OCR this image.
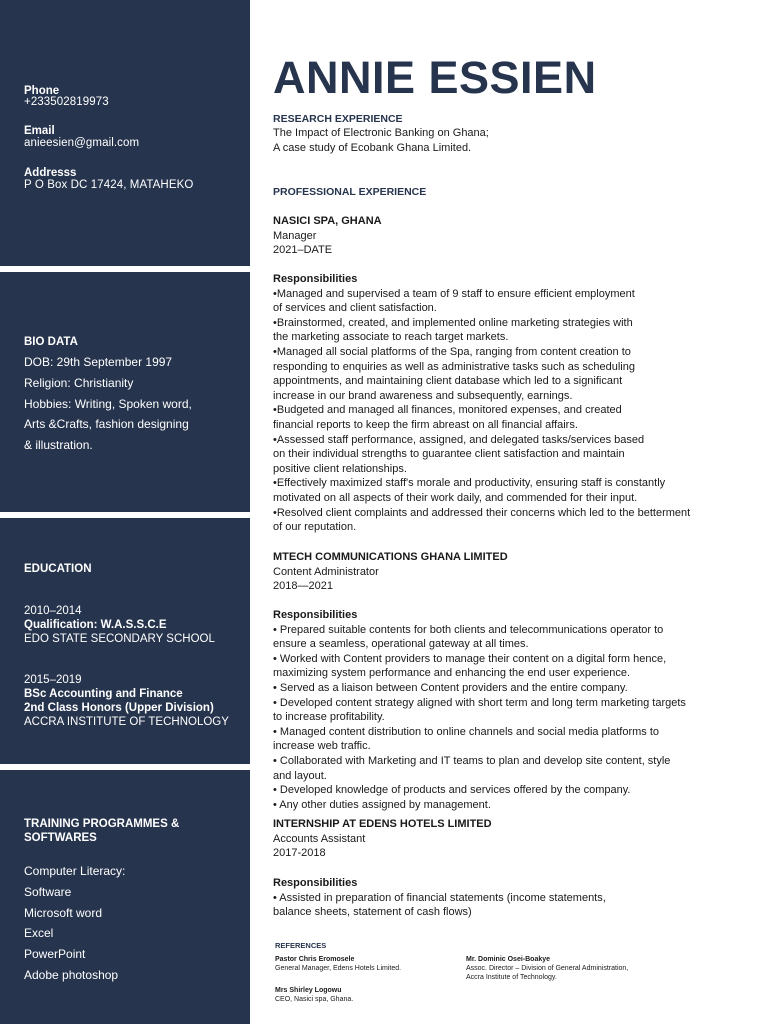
Phone
+233502819973
Email
anieesien@gmail.com
Addresss
P O Box DC 17424, MATAHEKO
BIO DATA
DOB: 29th September 1997
Religion: Christianity
Hobbies: Writing, Spoken word,
Arts &Crafts, fashion designing
& illustration.
EDUCATION
2010–2014
Qualification: W.A.S.S.C.E
EDO STATE SECONDARY SCHOOL
2015–2019
BSc Accounting and Finance
2nd Class Honors (Upper Division)
ACCRA INSTITUTE OF TECHNOLOGY
TRAINING PROGRAMMES &
SOFTWARES
Computer Literacy:
Software
Microsoft word
Excel
PowerPoint
Adobe photoshop
ANNIE ESSIEN
RESEARCH EXPERIENCE
The Impact of Electronic Banking on Ghana;
A case study of Ecobank Ghana Limited.
PROFESSIONAL EXPERIENCE
NASICI SPA, GHANA
Manager
2021–DATE
Responsibilities
•Managed and supervised a team of 9 staff to ensure efficient employment
of services and client satisfaction.
•Brainstormed, created, and implemented online marketing strategies with
the marketing associate to reach target markets.
•Managed all social platforms of the Spa, ranging from content creation to
responding to enquiries as well as administrative tasks such as scheduling
appointments, and maintaining client database which led to a significant
increase in our brand awareness and subsequently, earnings.
•Budgeted and managed all finances, monitored expenses, and created
financial reports to keep the firm abreast on all financial affairs.
•Assessed staff performance, assigned, and delegated tasks/services based
on their individual strengths to guarantee client satisfaction and maintain
positive client relationships.
•Effectively maximized staff's morale and productivity, ensuring staff is constantly
motivated on all aspects of their work daily, and commended for their input.
•Resolved client complaints and addressed their concerns which led to the betterment
of our reputation.
MTECH COMMUNICATIONS GHANA LIMITED
Content Administrator
2018—2021
Responsibilities
• Prepared suitable contents for both clients and telecommunications operator to
ensure a seamless, operational gateway at all times.
• Worked with Content providers to manage their content on a digital form hence,
maximizing system performance and enhancing the end user experience.
• Served as a liaison between Content providers and the entire company.
• Developed content strategy aligned with short term and long term marketing targets
to increase profitability.
• Managed content distribution to online channels and social media platforms to
increase web traffic.
• Collaborated with Marketing and IT teams to plan and develop site content, style
and layout.
• Developed knowledge of products and services offered by the company.
• Any other duties assigned by management.
INTERNSHIP AT EDENS HOTELS LIMITED
Accounts Assistant
2017-2018
Responsibilities
• Assisted in preparation of financial statements (income statements,
balance sheets, statement of cash flows)
REFERENCES
Pastor Chris Eromosele
General Manager, Edens Hotels Limited.
Mr. Dominic Osei-Boakye
Assoc. Director – Division of General Administration,
Accra Institute of Technology.
Mrs Shirley Logowu
CEO, Nasici spa, Ghana.
